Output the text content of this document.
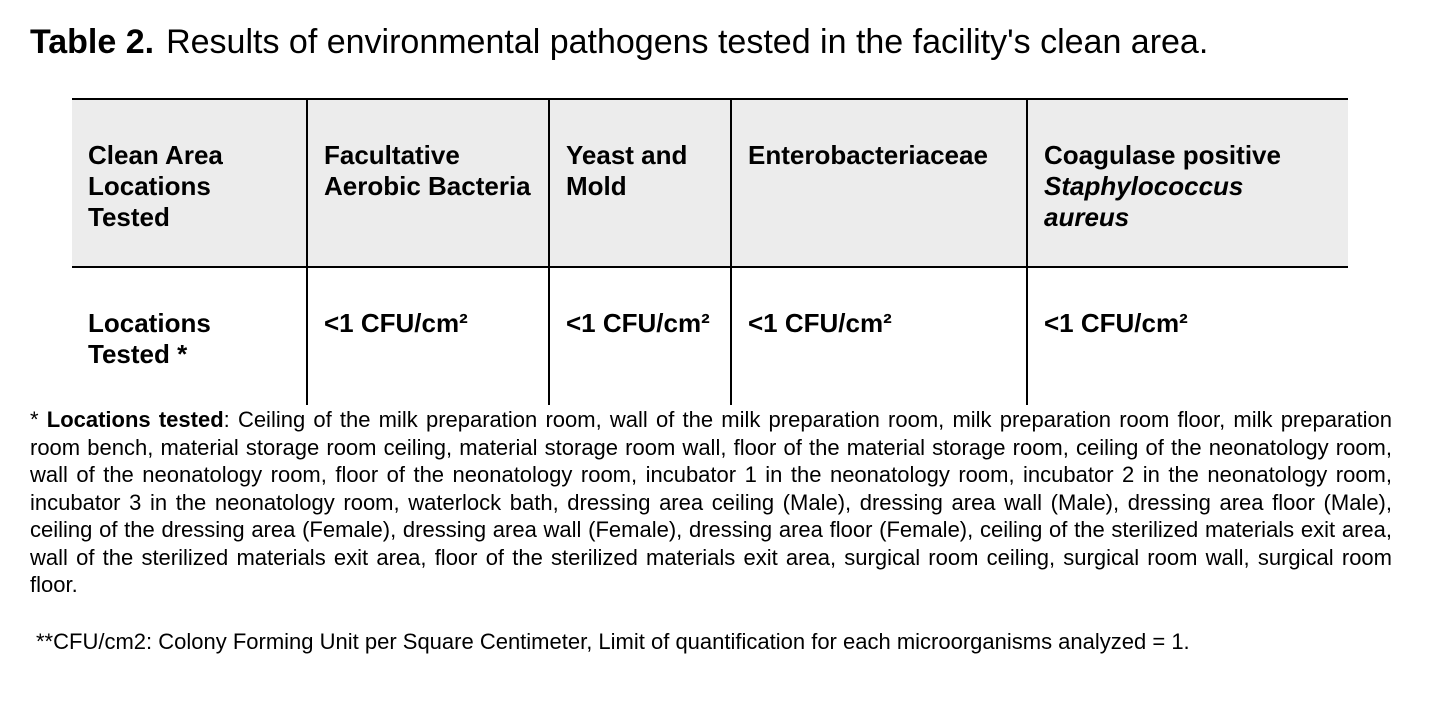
Table 2. Results of environmental pathogens tested in the facility's clean area.
Clean Area Locations Tested	Facultative Aerobic Bacteria	Yeast and Mold	Enterobacteriaceae	Coagulase positive
Staphylococcus aureus
Locations Tested *	<1 CFU/cm²	<1 CFU/cm²	<1 CFU/cm²	<1 CFU/cm²
* Locations tested: Ceiling of the milk preparation room, wall of the milk preparation room, milk preparation room floor, milk preparation room bench, material storage room ceiling, material storage room wall, floor of the material storage room, ceiling of the neonatology room, wall of the neonatology room, floor of the neonatology room, incubator 1 in the neonatology room, incubator 2 in the neonatology room, incubator 3 in the neonatology room, waterlock bath, dressing area ceiling (Male), dressing area wall (Male), dressing area floor (Male), ceiling of the dressing area (Female), dressing area wall (Female), dressing area floor (Female), ceiling of the sterilized materials exit area, wall of the sterilized materials exit area, floor of the sterilized materials exit area, surgical room ceiling, surgical room wall, surgical room floor.
**CFU/cm2: Colony Forming Unit per Square Centimeter, Limit of quantification for each microorganisms analyzed = 1.
